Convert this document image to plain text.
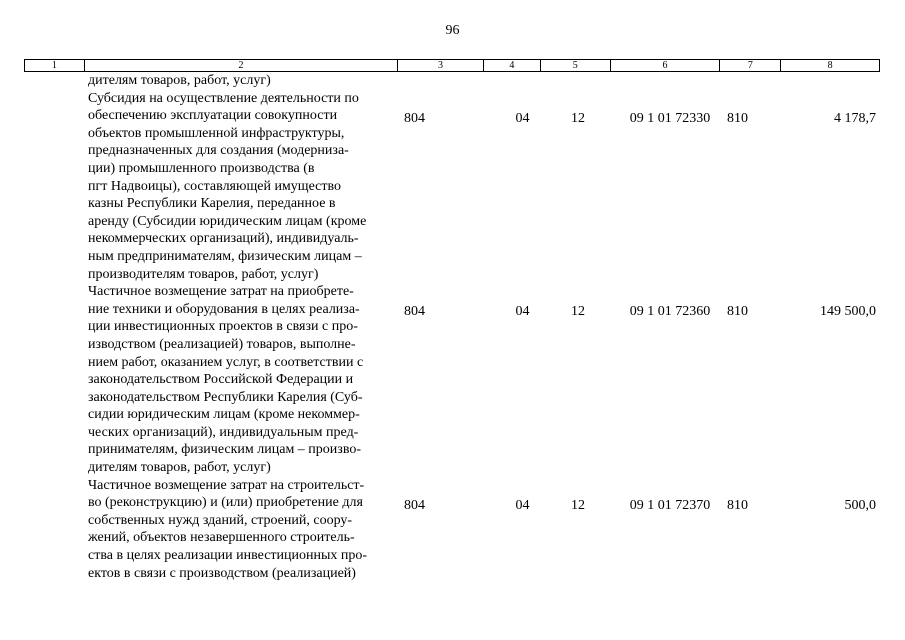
96
1	2	3	4	5	6	7	8
дителям товаров, работ, услуг)
Субсидия на осуществление деятельности по
обеспечению эксплуатации совокупности
объектов промышленной инфраструктуры,
предназначенных для создания (модерниза-
ции) промышленного производства (в
пгт Надвоицы), составляющей имущество
казны Республики Карелия, переданное в
аренду (Субсидии юридическим лицам (кроме
некоммерческих организаций), индивидуаль-
ным предпринимателям, физическим лицам –
производителям товаров, работ, услуг)
804	04	12	09 1 01 72330	810	4 178,7
Частичное возмещение затрат на приобрете-
ние техники и оборудования в целях реализа-
ции инвестиционных проектов в связи с про-
изводством (реализацией) товаров, выполне-
нием работ, оказанием услуг, в соответствии с
законодательством Российской Федерации и
законодательством Республики Карелия (Суб-
сидии юридическим лицам (кроме некоммер-
ческих организаций), индивидуальным пред-
принимателям, физическим лицам – произво-
дителям товаров, работ, услуг)
804	04	12	09 1 01 72360	810	149 500,0
Частичное возмещение затрат на строительст-
во (реконструкцию) и (или) приобретение для
собственных нужд зданий, строений, соору-
жений, объектов незавершенного строитель-
ства в целях реализации инвестиционных про-
ектов в связи с производством (реализацией)
804	04	12	09 1 01 72370	810	500,0
